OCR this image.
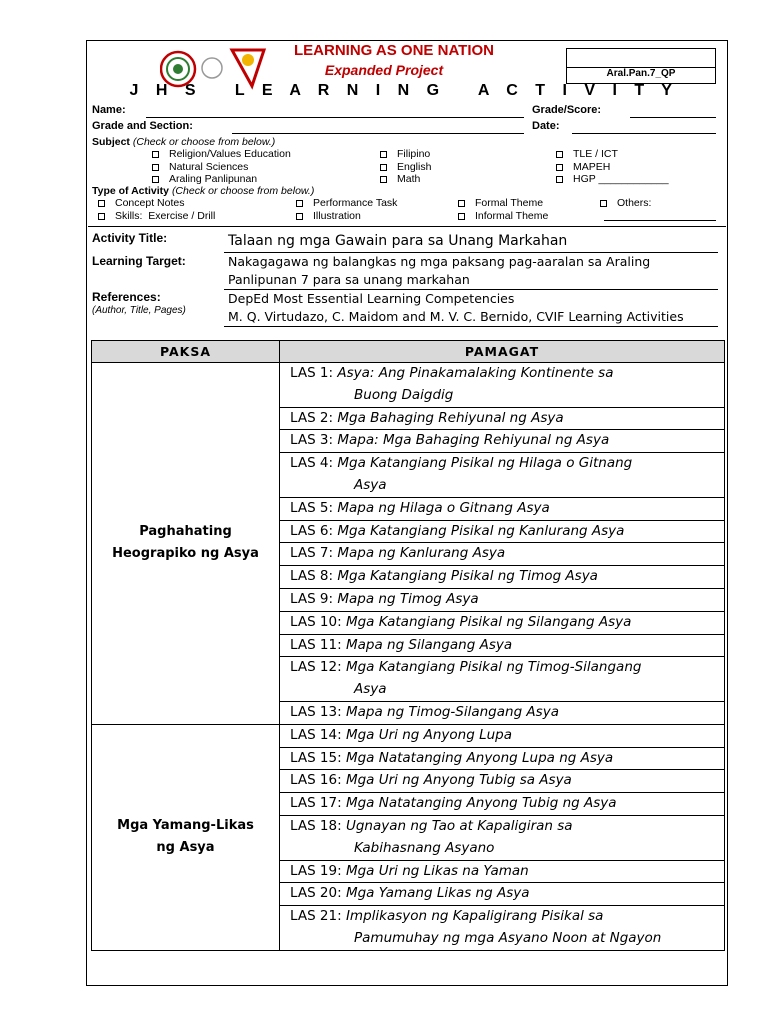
LEARNING AS ONE NATION
Expanded Project
J H S   L E A R N I N G   A C T I V I T Y
Aral.Pan.7_QP
Name:	Grade/Score:
Grade and Section:	Date:
Subject (Check or choose from below.)
Religion/Values Education
Natural Sciences
Araling Panlipunan
Filipino
English
Math
TLE / ICT
MAPEH
HGP ____________
Type of Activity (Check or choose from below.)
Concept Notes
Skills:  Exercise / Drill
Performance Task
Illustration
Formal Theme
Informal Theme
Others:
Activity Title:	Talaan ng mga Gawain para sa Unang Markahan
Learning Target:	Nakagagawa ng balangkas ng mga paksang pag-aaralan sa Araling
Panlipunan 7 para sa unang markahan
References:
(Author, Title, Pages)
DepEd Most Essential Learning Competencies
M. Q. Virtudazo, C. Maidom and M. V. C. Bernido, CVIF Learning Activities
PAKSA	PAMAGAT
Paghahating Heograpiko ng Asya	LAS 1: Asya: Ang Pinakamalaking Kontinente sa
Buong Daigdig

	LAS 2: Mga Bahaging Rehiyunal ng Asya
	LAS 3: Mapa: Mga Bahaging Rehiyunal ng Asya
	LAS 4: Mga Katangiang Pisikal ng Hilaga o Gitnang
Asya

	LAS 5: Mapa ng Hilaga o Gitnang Asya
	LAS 6: Mga Katangiang Pisikal ng Kanlurang Asya
	LAS 7: Mapa ng Kanlurang Asya
	LAS 8: Mga Katangiang Pisikal ng Timog Asya
	LAS 9: Mapa ng Timog Asya
	LAS 10: Mga Katangiang Pisikal ng Silangang Asya
	LAS 11: Mapa ng Silangang Asya
	LAS 12: Mga Katangiang Pisikal ng Timog-Silangang
Asya

	LAS 13: Mapa ng Timog-Silangang Asya
Mga Yamang-Likas ng Asya	LAS 14: Mga Uri ng Anyong Lupa
	LAS 15: Mga Natatanging Anyong Lupa ng Asya
	LAS 16: Mga Uri ng Anyong Tubig sa Asya
	LAS 17: Mga Natatanging Anyong Tubig ng Asya
	LAS 18: Ugnayan ng Tao at Kapaligiran sa
Kabihasnang Asyano

	LAS 19: Mga Uri ng Likas na Yaman
	LAS 20: Mga Yamang Likas ng Asya
	LAS 21: Implikasyon ng Kapaligirang Pisikal sa
Pamumuhay ng mga Asyano Noon at Ngayon
